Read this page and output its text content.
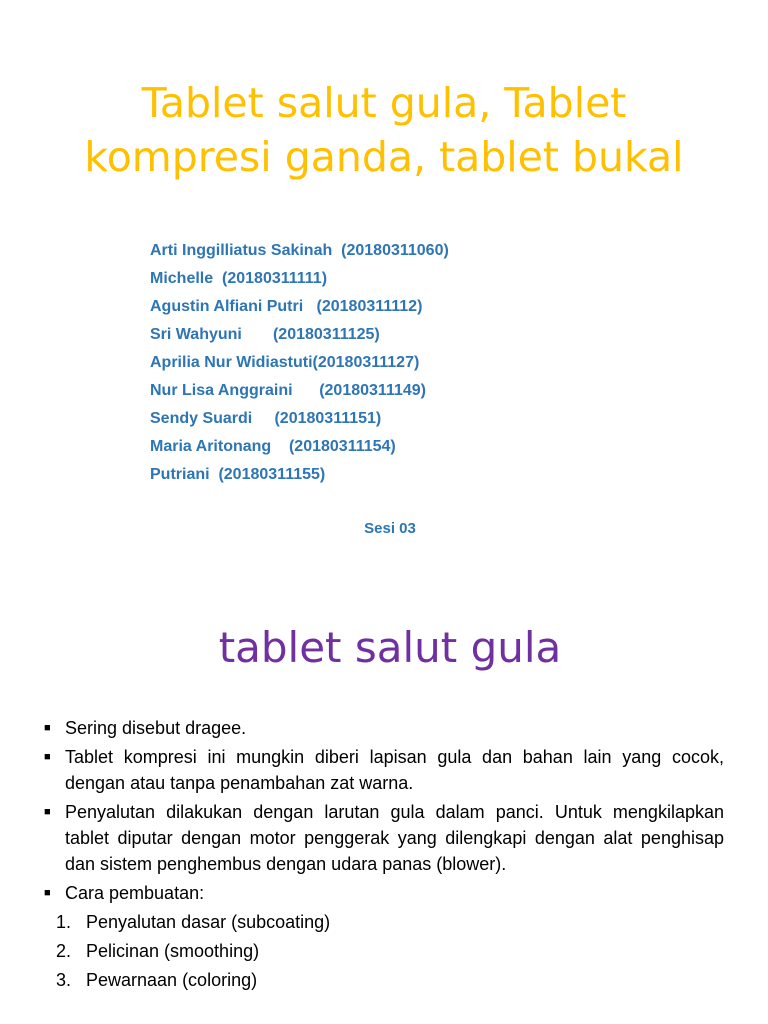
Tablet salut gula, Tablet kompresi ganda, tablet bukal
Arti Inggilliatus Sakinah  (20180311060)
Michelle  (20180311111)
Agustin Alfiani Putri   (20180311112)
Sri Wahyuni       (20180311125)
Aprilia Nur Widiastuti(20180311127)
Nur Lisa Anggraini      (20180311149)
Sendy Suardi     (20180311151)
Maria Aritonang    (20180311154)
Putriani  (20180311155)

Sesi 03

tablet salut gula
■ Sering disebut dragee.
■ Tablet kompresi ini mungkin diberi lapisan gula dan bahan lain yang cocok, dengan atau tanpa penambahan zat warna.
■ Penyalutan dilakukan dengan larutan gula dalam panci. Untuk mengkilapkan tablet diputar dengan motor penggerak yang dilengkapi dengan alat penghisap dan sistem penghembus dengan udara panas (blower).
■ Cara pembuatan:
1. Penyalutan dasar (subcoating)
2. Pelicinan (smoothing)
3. Pewarnaan (coloring)
